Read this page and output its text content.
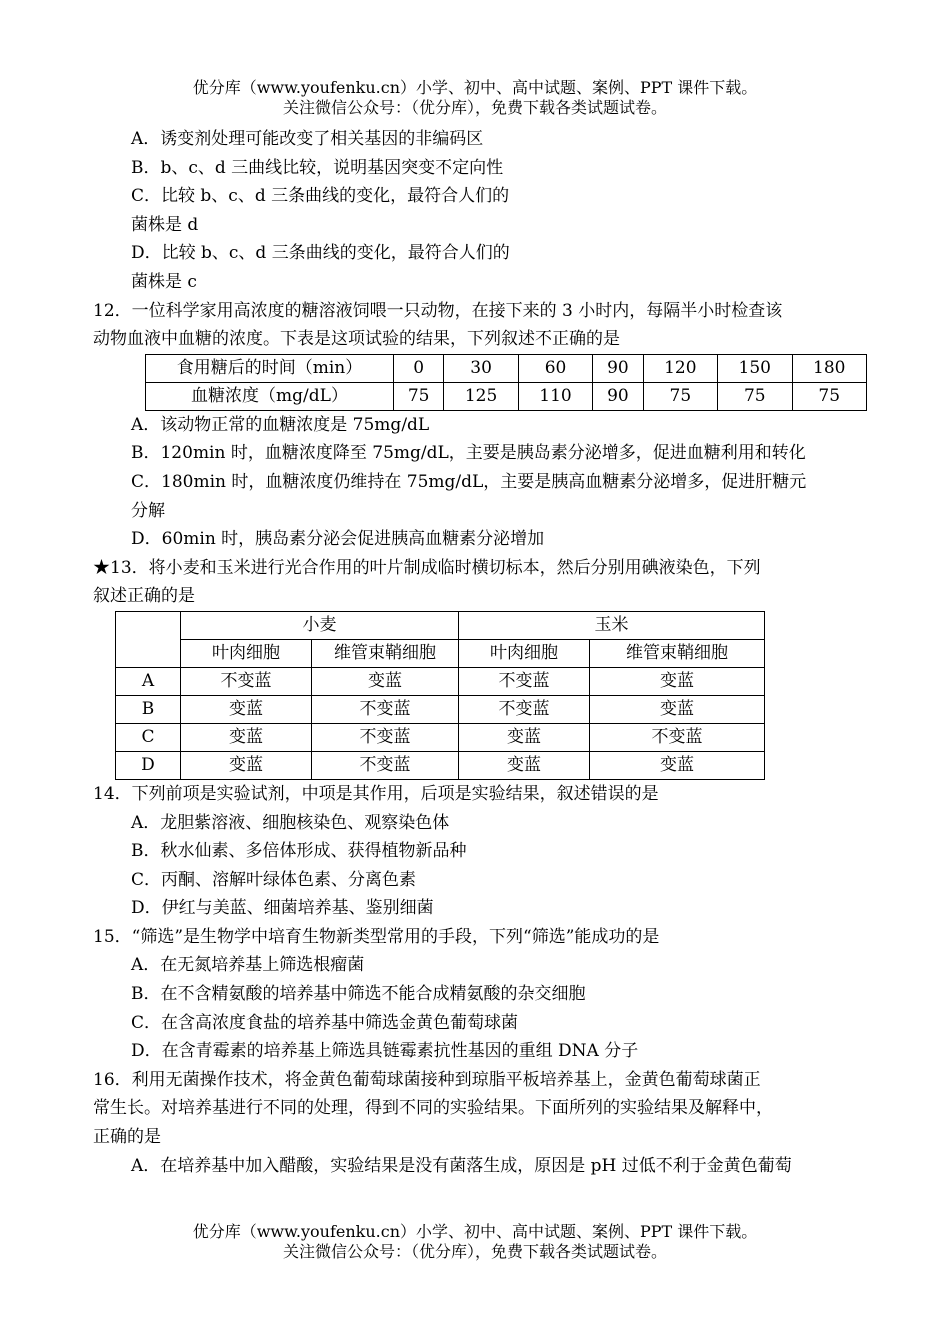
优分库（www.youfenku.cn）小学、初中、高中试题、案例、PPT 课件下载。
关注微信公众号：（优分库），免费下载各类试题试卷。
A．诱变剂处理可能改变了相关基因的非编码区
B．b、c、d 三曲线比较，说明基因突变不定向性
C．比较 b、c、d 三条曲线的变化，最符合人们的
菌株是 d
D．比较 b、c、d 三条曲线的变化，最符合人们的
菌株是 c
12．一位科学家用高浓度的糖溶液饲喂一只动物，在接下来的 3 小时内，每隔半小时检查该
动物血液中血糖的浓度。下表是这项试验的结果，下列叙述不正确的是
食用糖后的时间（min）	0	30	60	90	120	150	180
血糖浓度（mg/dL）	75	125	110	90	75	75	75
A．该动物正常的血糖浓度是 75mg/dL
B．120min 时，血糖浓度降至 75mg/dL，主要是胰岛素分泌增多，促进血糖利用和转化
C．180min 时，血糖浓度仍维持在 75mg/dL，主要是胰高血糖素分泌增多，促进肝糖元
分解
D．60min 时，胰岛素分泌会促进胰高血糖素分泌增加
★13．将小麦和玉米进行光合作用的叶片制成临时横切标本，然后分别用碘液染色，下列
叙述正确的是
	小麦		玉米	
	叶肉细胞	维管束鞘细胞	叶肉细胞	维管束鞘细胞
A	不变蓝	变蓝	不变蓝	变蓝
B	变蓝	不变蓝	不变蓝	变蓝
C	变蓝	不变蓝	变蓝	不变蓝
D	变蓝	不变蓝	变蓝	变蓝
14．下列前项是实验试剂，中项是其作用，后项是实验结果，叙述错误的是
A．龙胆紫溶液、细胞核染色、观察染色体
B．秋水仙素、多倍体形成、获得植物新品种
C．丙酮、溶解叶绿体色素、分离色素
D．伊红与美蓝、细菌培养基、鉴别细菌
15．“筛选”是生物学中培育生物新类型常用的手段，下列“筛选”能成功的是
A．在无氮培养基上筛选根瘤菌
B．在不含精氨酸的培养基中筛选不能合成精氨酸的杂交细胞
C．在含高浓度食盐的培养基中筛选金黄色葡萄球菌
D．在含青霉素的培养基上筛选具链霉素抗性基因的重组 DNA 分子
16．利用无菌操作技术，将金黄色葡萄球菌接种到琼脂平板培养基上，金黄色葡萄球菌正
常生长。对培养基进行不同的处理，得到不同的实验结果。下面所列的实验结果及解释中，
正确的是
A．在培养基中加入醋酸，实验结果是没有菌落生成，原因是 pH 过低不利于金黄色葡萄
优分库（www.youfenku.cn）小学、初中、高中试题、案例、PPT 课件下载。
关注微信公众号：（优分库），免费下载各类试题试卷。
